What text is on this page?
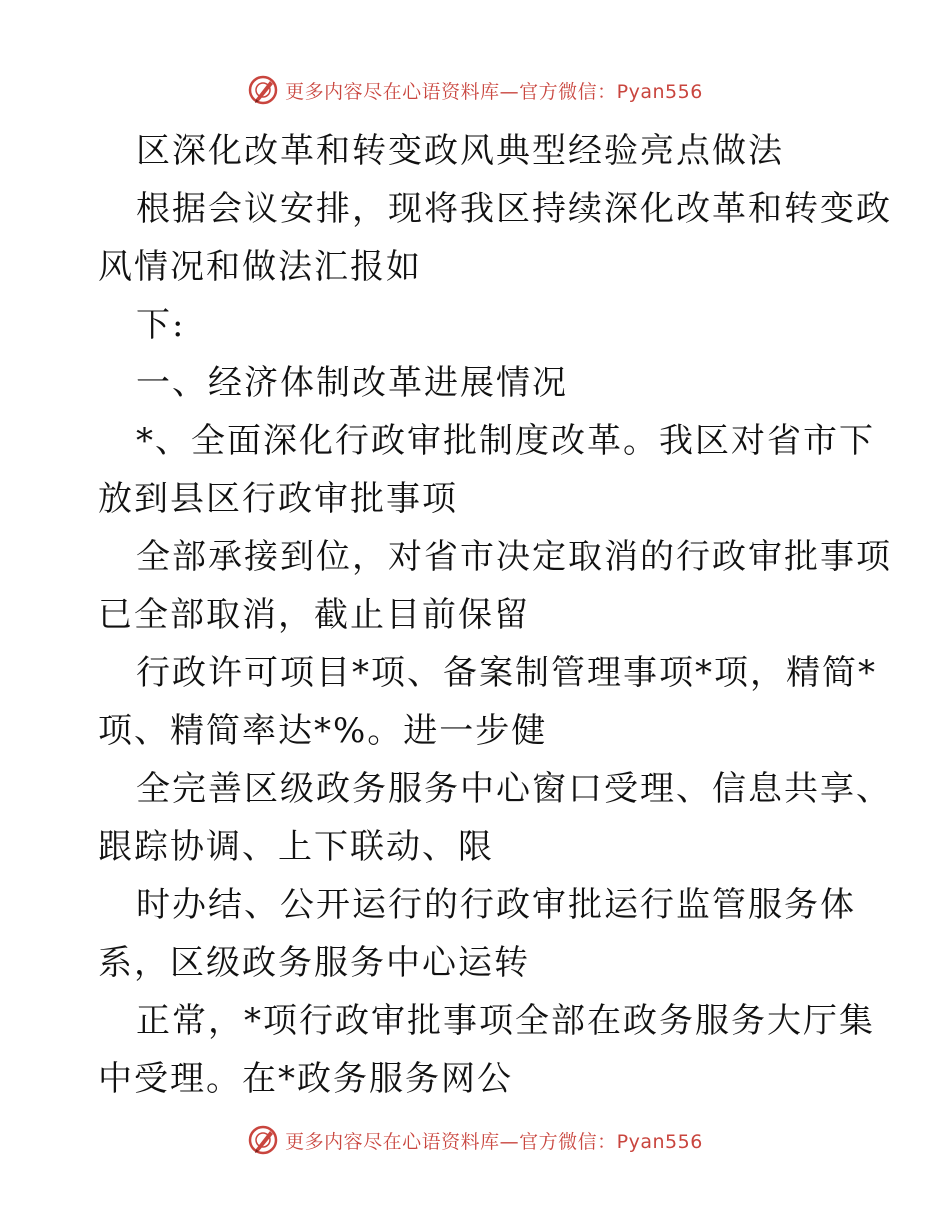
更多内容尽在心语资料库—官方微信：Pyan556
区深化改革和转变政风典型经验亮点做法
根据会议安排，现将我区持续深化改革和转变政
风情况和做法汇报如
下:
一、经济体制改革进展情况
*、全面深化行政审批制度改革。我区对省市下
放到县区行政审批事项
全部承接到位，对省市决定取消的行政审批事项
已全部取消，截止目前保留
行政许可项目*项、备案制管理事项*项，精简*
项、精简率达*%。进一步健
全完善区级政务服务中心窗口受理、信息共享、
跟踪协调、上下联动、限
时办结、公开运行的行政审批运行监管服务体
系，区级政务服务中心运转
正常，*项行政审批事项全部在政务服务大厅集
中受理。在*政务服务网公
更多内容尽在心语资料库—官方微信：Pyan556
